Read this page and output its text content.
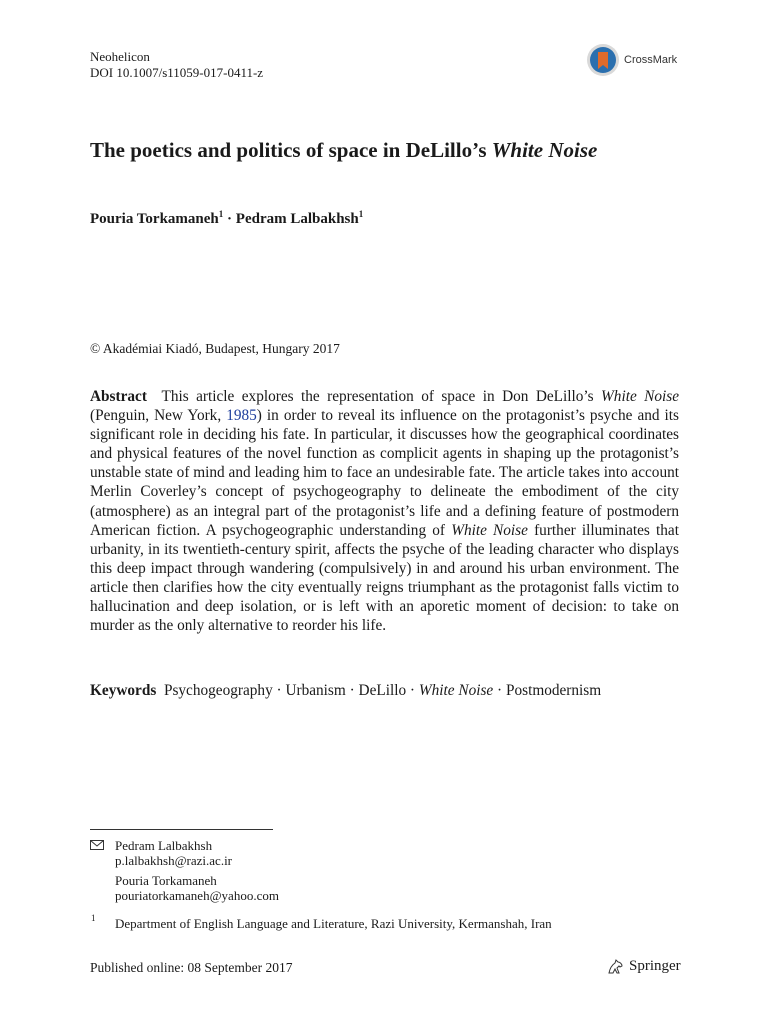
Neohelicon
DOI 10.1007/s11059-017-0411-z
CrossMark
The poetics and politics of space in DeLillo’s White Noise
Pouria Torkamaneh$^1$ · Pedram Lalbakhsh$^1$
© Akadémiai Kiadó, Budapest, Hungary 2017
Abstract This article explores the representation of space in Don DeLillo’s White Noise (Penguin, New York, 1985) in order to reveal its influence on the protagonist’s psyche and its significant role in deciding his fate. In particular, it discusses how the geographical coordinates and physical features of the novel function as complicit agents in shaping up the protagonist’s unstable state of mind and leading him to face an undesirable fate. The article takes into account Merlin Coverley’s concept of psychogeography to delineate the embodiment of the city (atmosphere) as an integral part of the protagonist’s life and a defining feature of postmodern American fiction. A psychogeographic understanding of White Noise further illuminates that urbanity, in its twentieth-century spirit, affects the psyche of the leading character who displays this deep impact through wandering (compulsively) in and around his urban environment. The article then clarifies how the city eventually reigns triumphant as the protagonist falls victim to hallucination and deep isolation, or is left with an aporetic moment of decision: to take on murder as the only alternative to reorder his life.
Keywords Psychogeography · Urbanism · DeLillo · White Noise · Postmodernism
Pedram Lalbakhsh
p.lalbakhsh@razi.ac.ir
Pouria Torkamaneh
pouriatorkamaneh@yahoo.com
1 Department of English Language and Literature, Razi University, Kermanshah, Iran
Published online: 08 September 2017	Springer
